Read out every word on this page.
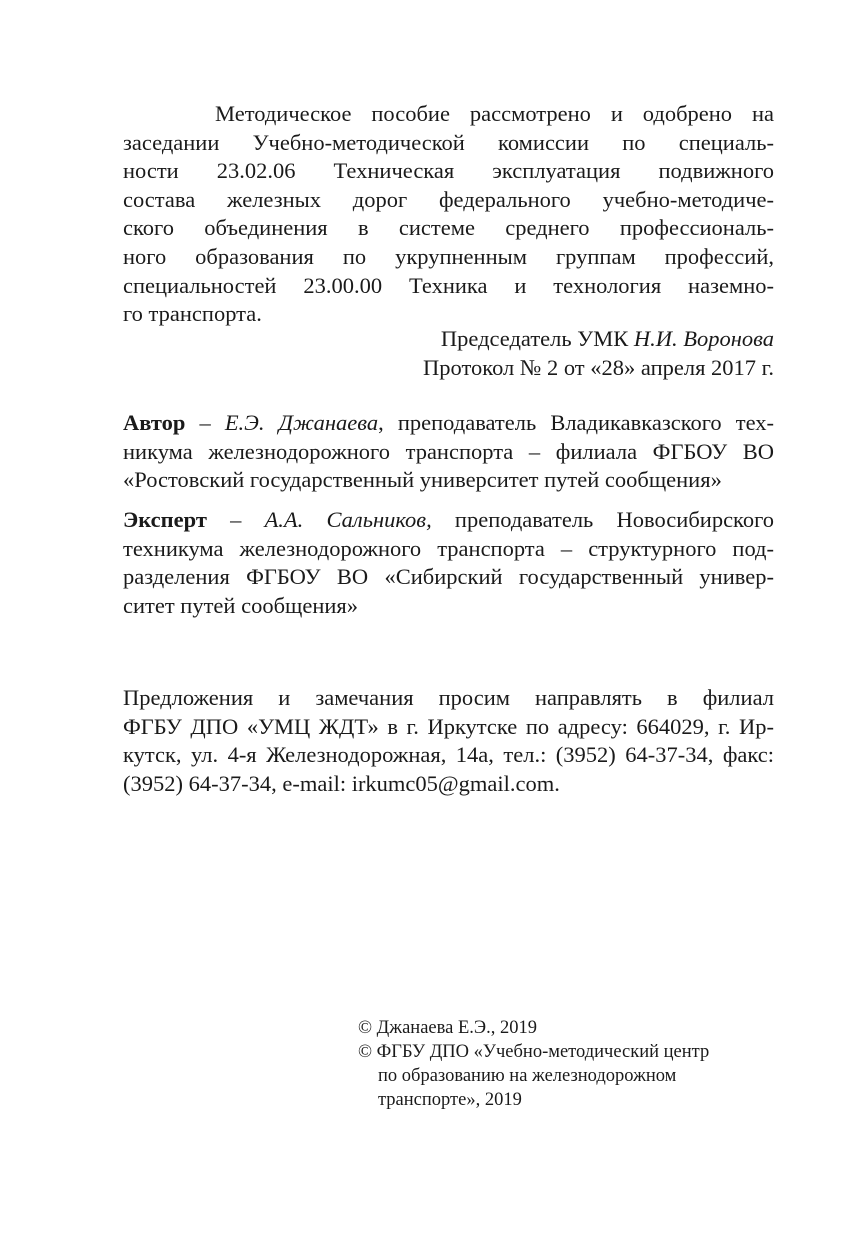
Методическое пособие рассмотрено и одобрено на
заседании Учебно-методической комиссии по специаль-
ности 23.02.06 Техническая эксплуатация подвижного
состава железных дорог федерального учебно-методиче-
ского объединения в системе среднего профессиональ-
ного образования по укрупненным группам профессий,
специальностей 23.00.00 Техника и технология наземно-
го транспорта.
Председатель УМК Н.И. Воронова
Протокол № 2 от «28» апреля 2017 г.
Автор – Е.Э. Джанаева, преподаватель Владикавказского тех-
никума железнодорожного транспорта – филиала ФГБОУ ВО
«Ростовский государственный университет путей сообщения»
Эксперт – А.А. Сальников, преподаватель Новосибирского
техникума железнодорожного транспорта – структурного под-
разделения ФГБОУ ВО «Сибирский государственный универ-
ситет путей сообщения»
Предложения и замечания просим направлять в филиал
ФГБУ ДПО «УМЦ ЖДТ» в г. Иркутске по адресу: 664029, г. Ир-
кутск, ул. 4-я Железнодорожная, 14а, тел.: (3952) 64-37-34, факс:
(3952) 64-37-34, e-mail: irkumc05@gmail.com.
© Джанаева Е.Э., 2019
© ФГБУ ДПО «Учебно-методический центр
по образованию на железнодорожном
транспорте», 2019
